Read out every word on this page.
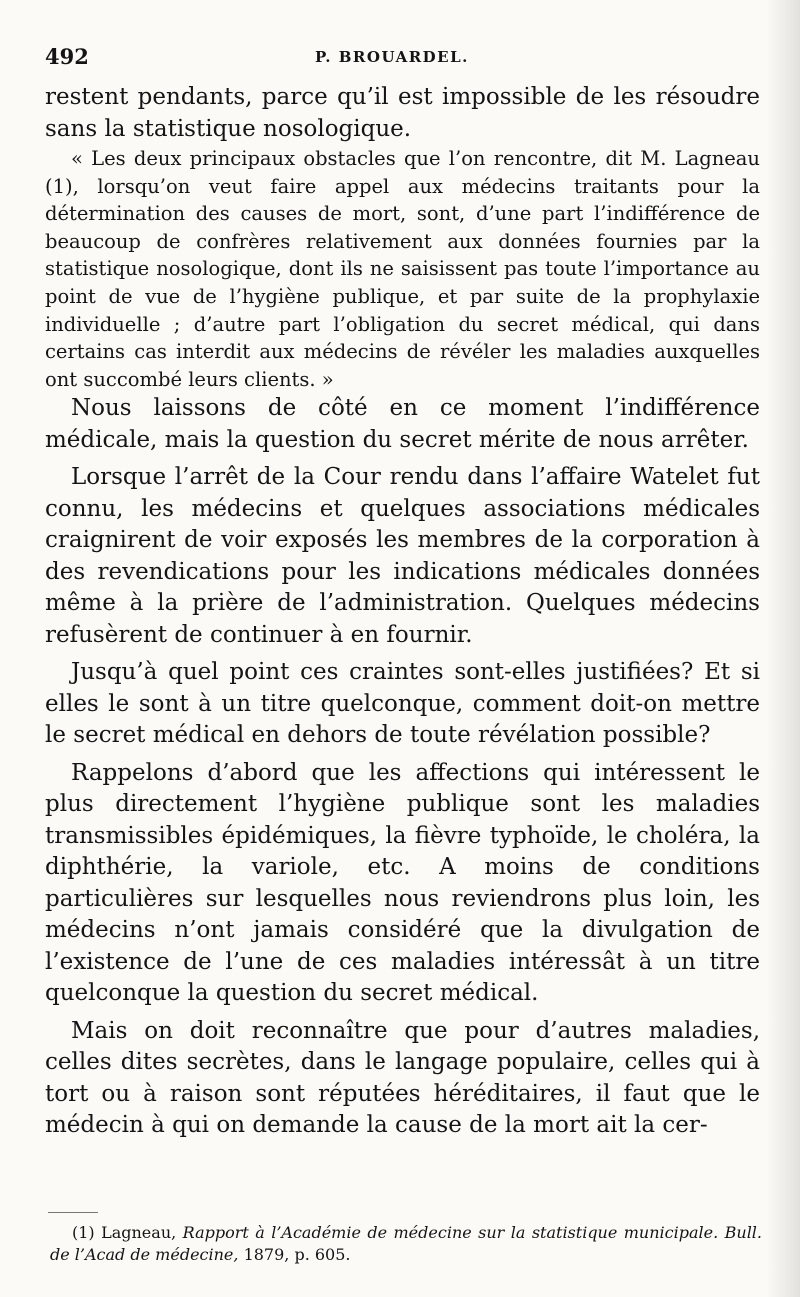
492	P. BROUARDEL.

restent pendants, parce qu’il est impossible de les résoudre sans la statistique nosologique.

« Les deux principaux obstacles que l’on rencontre, dit M. Lagneau (1), lorsqu’on veut faire appel aux médecins traitants pour la détermination des causes de mort, sont, d’une part l’indifférence de beaucoup de confrères relativement aux données fournies par la statistique nosologique, dont ils ne saisissent pas toute l’importance au point de vue de l’hygiène publique, et par suite de la prophylaxie individuelle ; d’autre part l’obligation du secret médical, qui dans certains cas interdit aux médecins de révéler les maladies auxquelles ont succombé leurs clients. »

Nous laissons de côté en ce moment l’indifférence médicale, mais la question du secret mérite de nous arrêter.

Lorsque l’arrêt de la Cour rendu dans l’affaire Watelet fut connu, les médecins et quelques associations médicales craignirent de voir exposés les membres de la corporation à des revendications pour les indications médicales données même à la prière de l’administration. Quelques médecins refusèrent de continuer à en fournir.

Jusqu’à quel point ces craintes sont-elles justifiées? Et si elles le sont à un titre quelconque, comment doit-on mettre le secret médical en dehors de toute révélation possible?

Rappelons d’abord que les affections qui intéressent le plus directement l’hygiène publique sont les maladies transmissibles épidémiques, la fièvre typhoïde, le choléra, la diphthérie, la variole, etc. A moins de conditions particulières sur lesquelles nous reviendrons plus loin, les médecins n’ont jamais considéré que la divulgation de l’existence de l’une de ces maladies intéressât à un titre quelconque la question du secret médical.

Mais on doit reconnaître que pour d’autres maladies, celles dites secrètes, dans le langage populaire, celles qui à tort ou à raison sont réputées héréditaires, il faut que le médecin à qui on demande la cause de la mort ait la cer-

(1) Lagneau, Rapport à l’Académie de médecine sur la statistique municipale. Bull. de l’Acad de médecine, 1879, p. 605.
